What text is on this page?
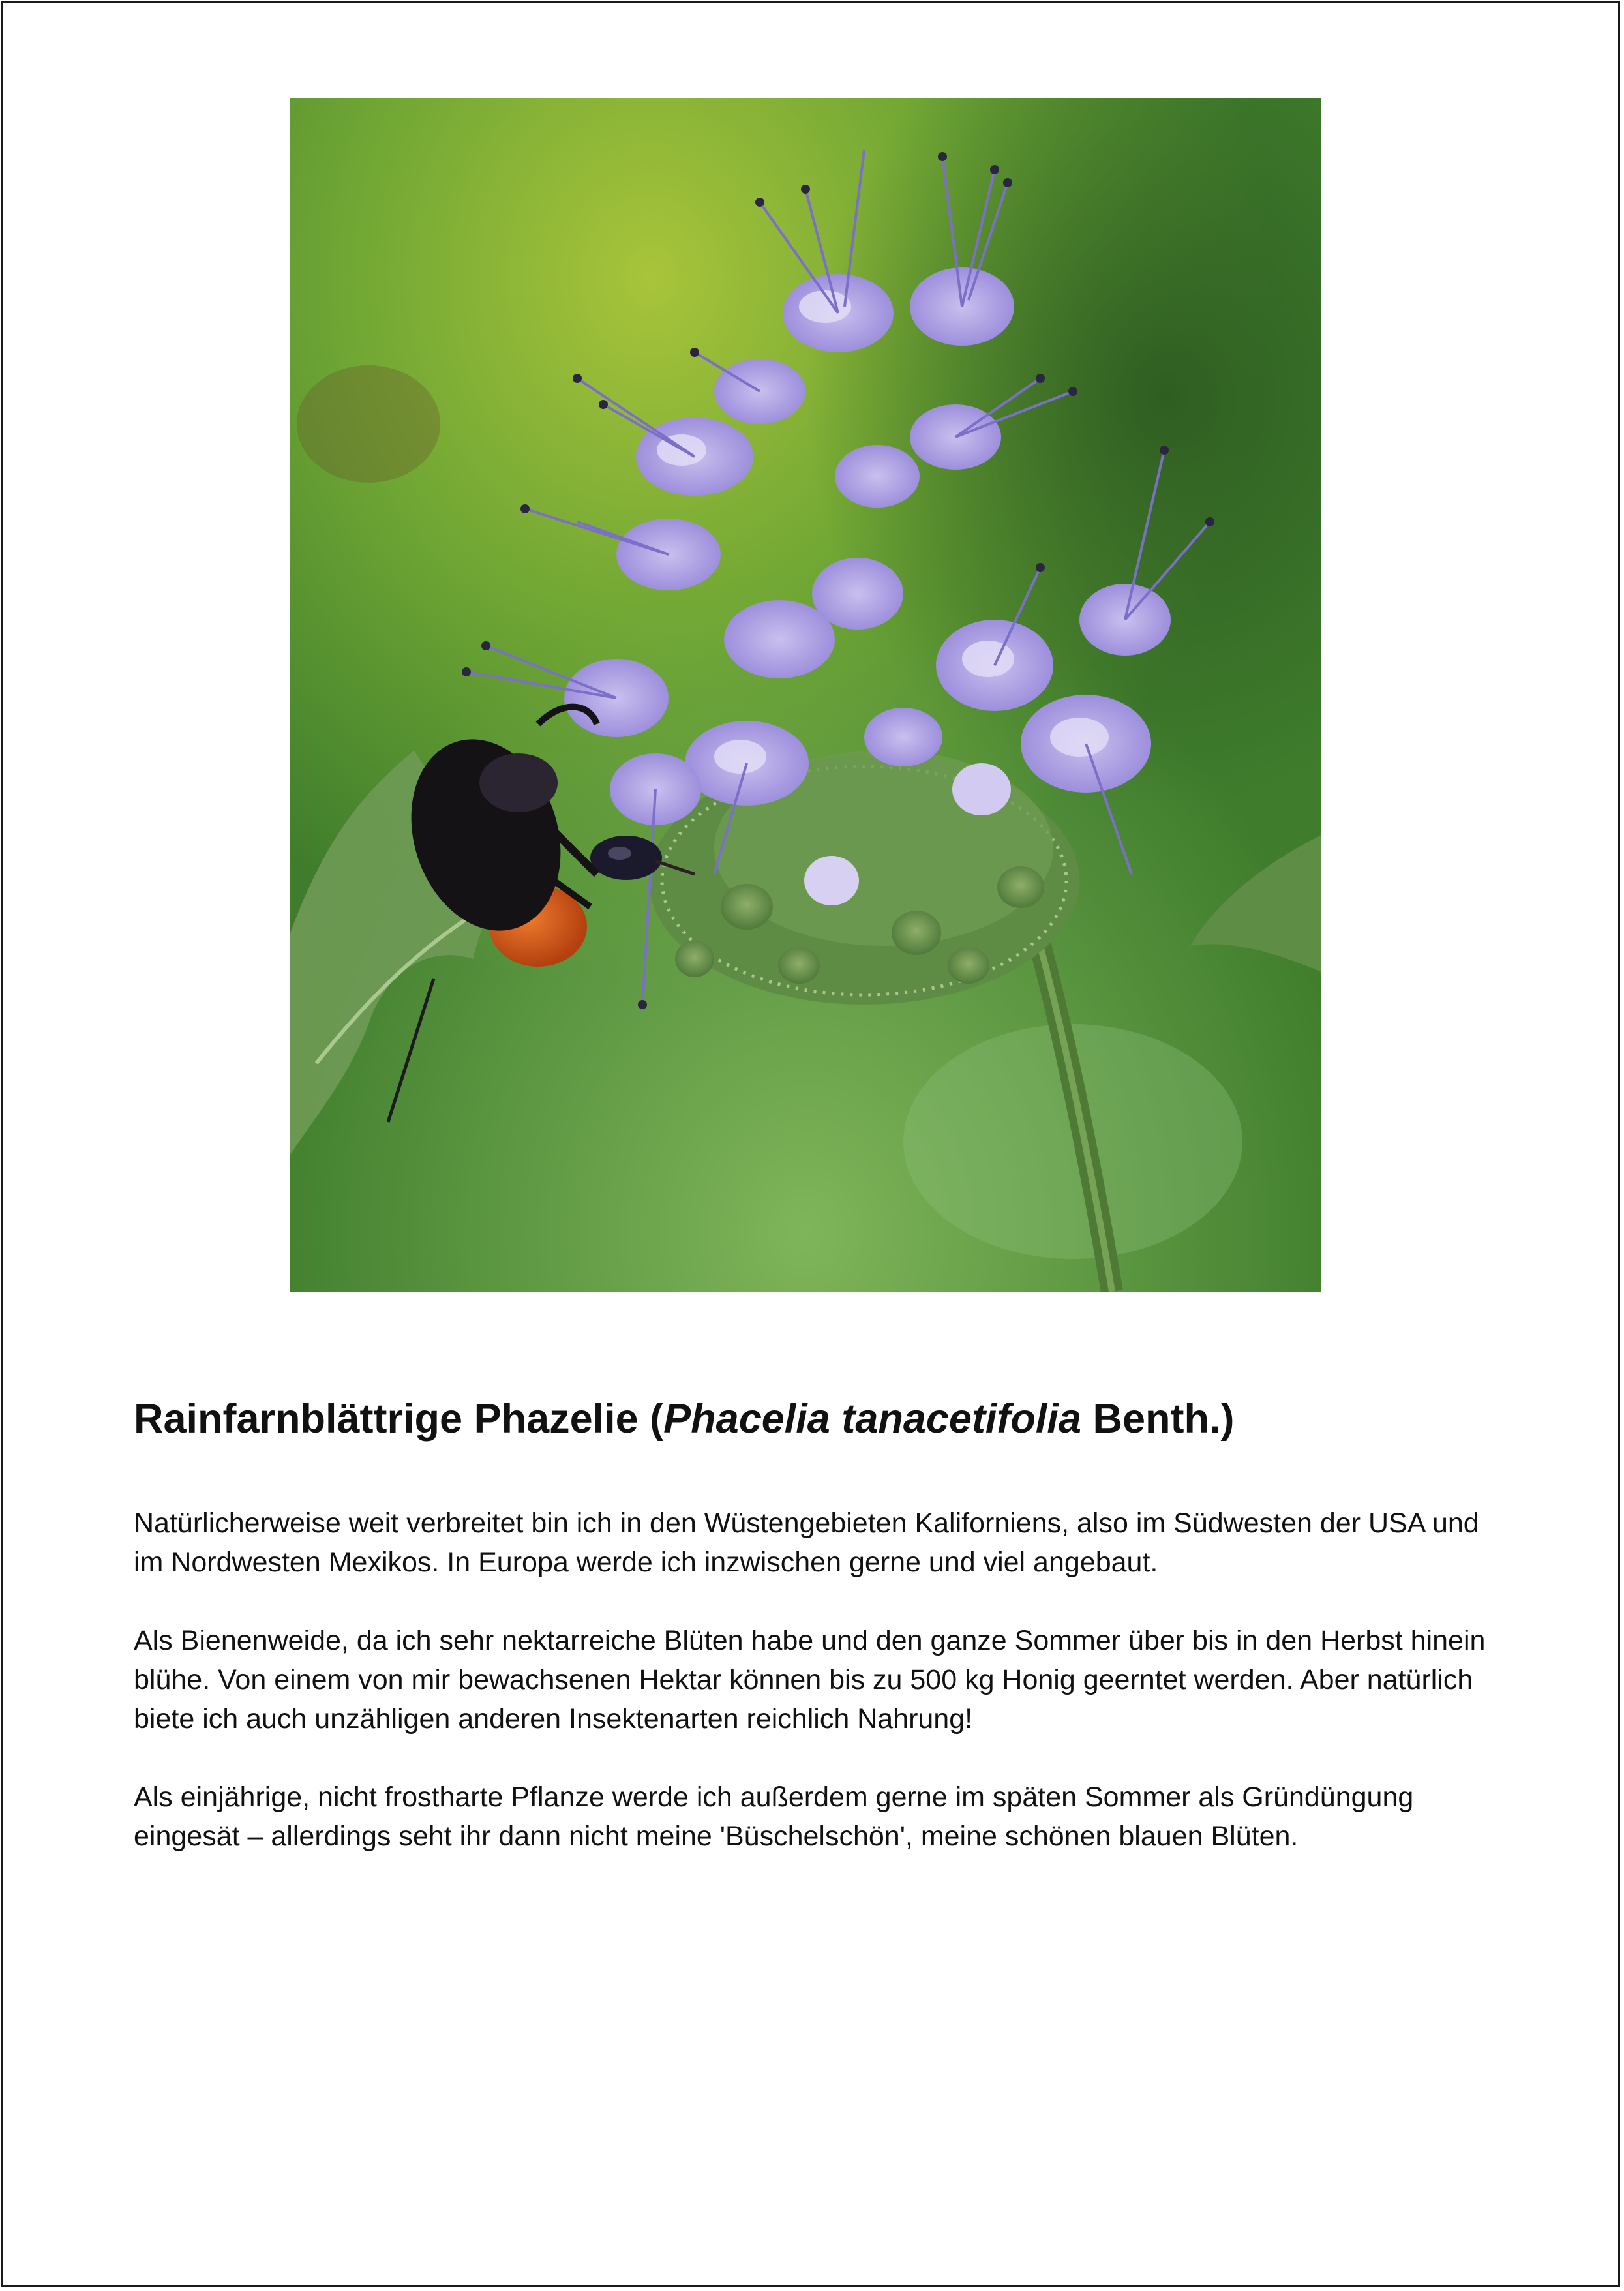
Rainfarnblättrige Phazelie (Phacelia tanacetifolia Benth.)

Natürlicherweise weit verbreitet bin ich in den Wüstengebieten Kaliforniens, also im Südwesten der USA und im Nordwesten Mexikos. In Europa werde ich inzwischen gerne und viel angebaut.

Als Bienenweide, da ich sehr nektarreiche Blüten habe und den ganze Sommer über bis in den Herbst hinein blühe. Von einem von mir bewachsenen Hektar können bis zu 500 kg Honig geerntet werden. Aber natürlich biete ich auch unzähligen anderen Insektenarten reichlich Nahrung!

Als einjährige, nicht frostharte Pflanze werde ich außerdem gerne im späten Sommer als Gründüngung eingesät – allerdings seht ihr dann nicht meine 'Büschelschön', meine schönen blauen Blüten.
